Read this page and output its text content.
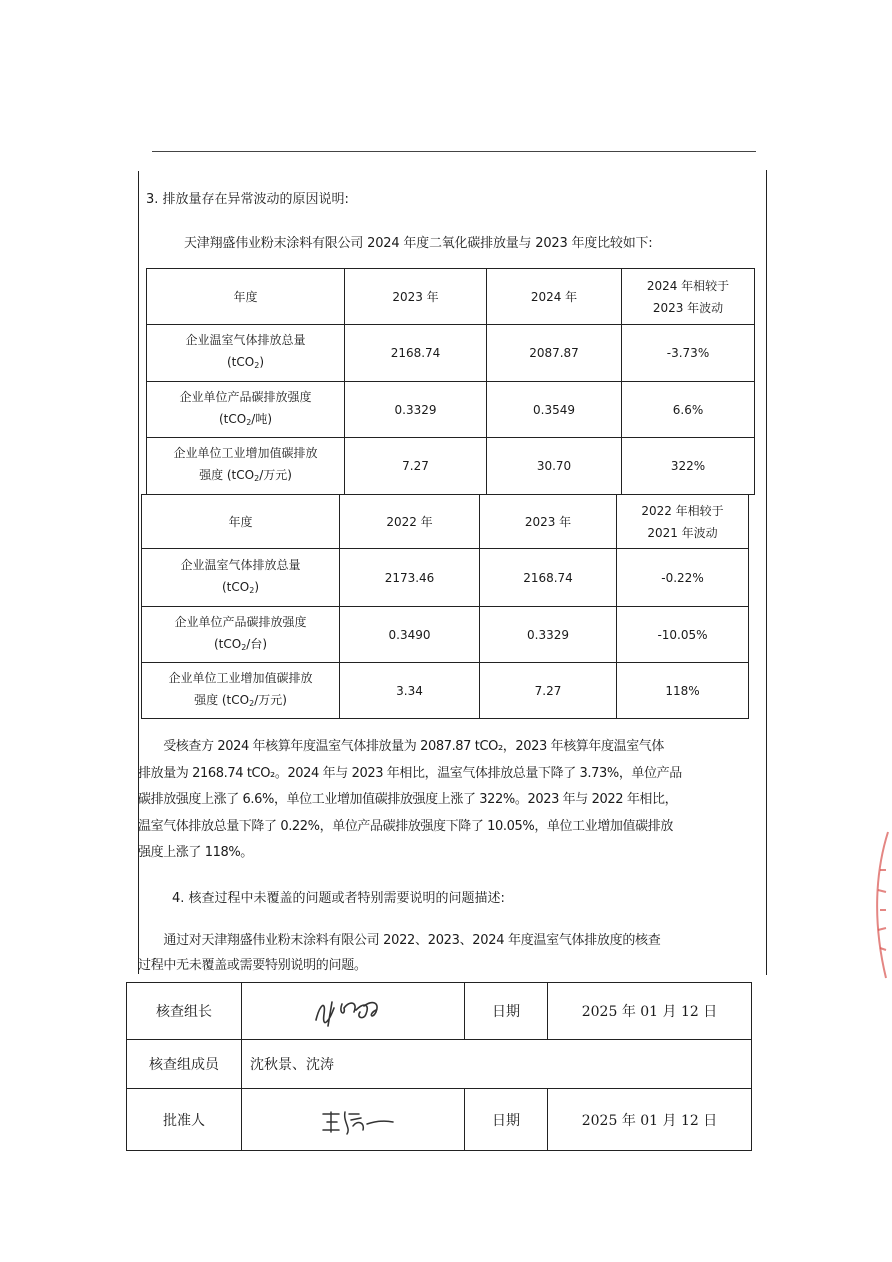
3. 排放量存在异常波动的原因说明:
天津翔盛伟业粉末涂料有限公司 2024 年度二氧化碳排放量与 2023 年度比较如下:
年度	2023 年	2024 年	2024 年相较于
2023 年波动
企业温室气体排放总量
(tCO$_2$)	2168.74	2087.87	-3.73%
企业单位产品碳排放强度
(tCO$_2$/吨)	0.3329	0.3549	6.6%
企业单位工业增加值碳排放
强度 (tCO$_2$/万元)	7.27	30.70	322%
年度	2022 年	2023 年	2022 年相较于
2021 年波动
企业温室气体排放总量
(tCO$_2$)	2173.46	2168.74	-0.22%
企业单位产品碳排放强度
(tCO$_2$/台)	0.3490	0.3329	-10.05%
企业单位工业增加值碳排放
强度 (tCO$_2$/万元)	3.34	7.27	118%
　　受核查方 2024 年核算年度温室气体排放量为 2087.87 tCO₂，2023 年核算年度温室气体
排放量为 2168.74 tCO₂。2024 年与 2023 年相比，温室气体排放总量下降了 3.73%，单位产品
碳排放强度上涨了 6.6%，单位工业增加值碳排放强度上涨了 322%。2023 年与 2022 年相比，
温室气体排放总量下降了 0.22%，单位产品碳排放强度下降了 10.05%，单位工业增加值碳排放
强度上涨了 118%。
4. 核查过程中未覆盖的问题或者特别需要说明的问题描述:
　　通过对天津翔盛伟业粉末涂料有限公司 2022、2023、2024 年度温室气体排放度的核查
过程中无未覆盖或需要特别说明的问题。
核查组长		日期	2025 年 01 月 12 日
核查组成员	沈秋景、沈涛		
批准人		日期	2025 年 01 月 12 日
